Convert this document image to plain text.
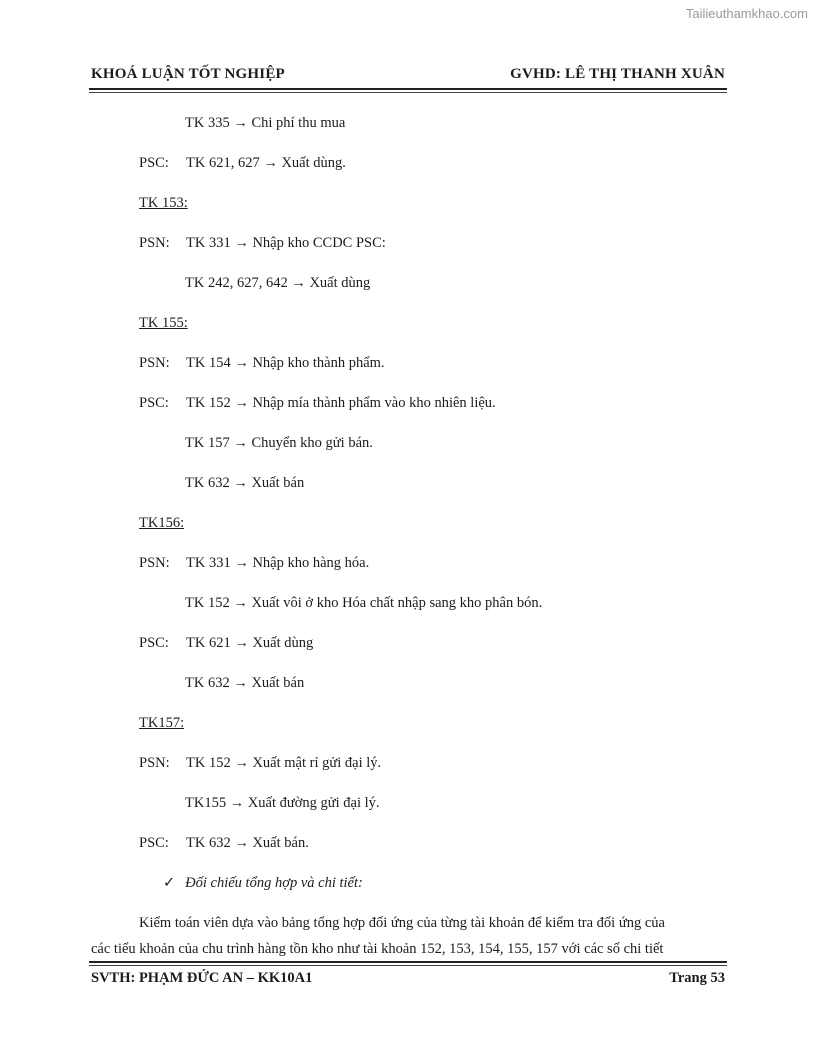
Tailieuthamkhao.com
KHOÁ LUẬN TỐT NGHIỆP	GVHD: LÊ THỊ THANH XUÂN
TK 335 → Chi phí thu mua
PSC: TK 621, 627 → Xuất dùng.
TK 153:
PSN: TK 331 → Nhập kho CCDC PSC:
TK 242, 627, 642 → Xuất dùng
TK 155:
PSN: TK 154 → Nhập kho thành phẩm.
PSC: TK 152 → Nhập mía thành phẩm vào kho nhiên liệu.
TK 157 → Chuyển kho gửi bán.
TK 632 → Xuất bán
TK156:
PSN: TK 331 → Nhập kho hàng hóa.
TK 152 → Xuất vôi ở kho Hóa chất nhập sang kho phân bón.
PSC: TK 621 → Xuất dùng
TK 632 → Xuất bán
TK157:
PSN: TK 152 → Xuất mật rỉ gửi đại lý.
TK155 → Xuất đường gửi đại lý.
PSC: TK 632 → Xuất bán.
✓ Đối chiếu tổng hợp và chi tiết:
Kiểm toán viên dựa vào bảng tổng hợp đối ứng của từng tài khoản để kiểm tra đối ứng của
các tiểu khoản của chu trình hàng tồn kho như tài khoản 152, 153, 154, 155, 157 với các sổ chi tiết
SVTH: PHẠM ĐỨC AN – KK10A1	Trang 53
